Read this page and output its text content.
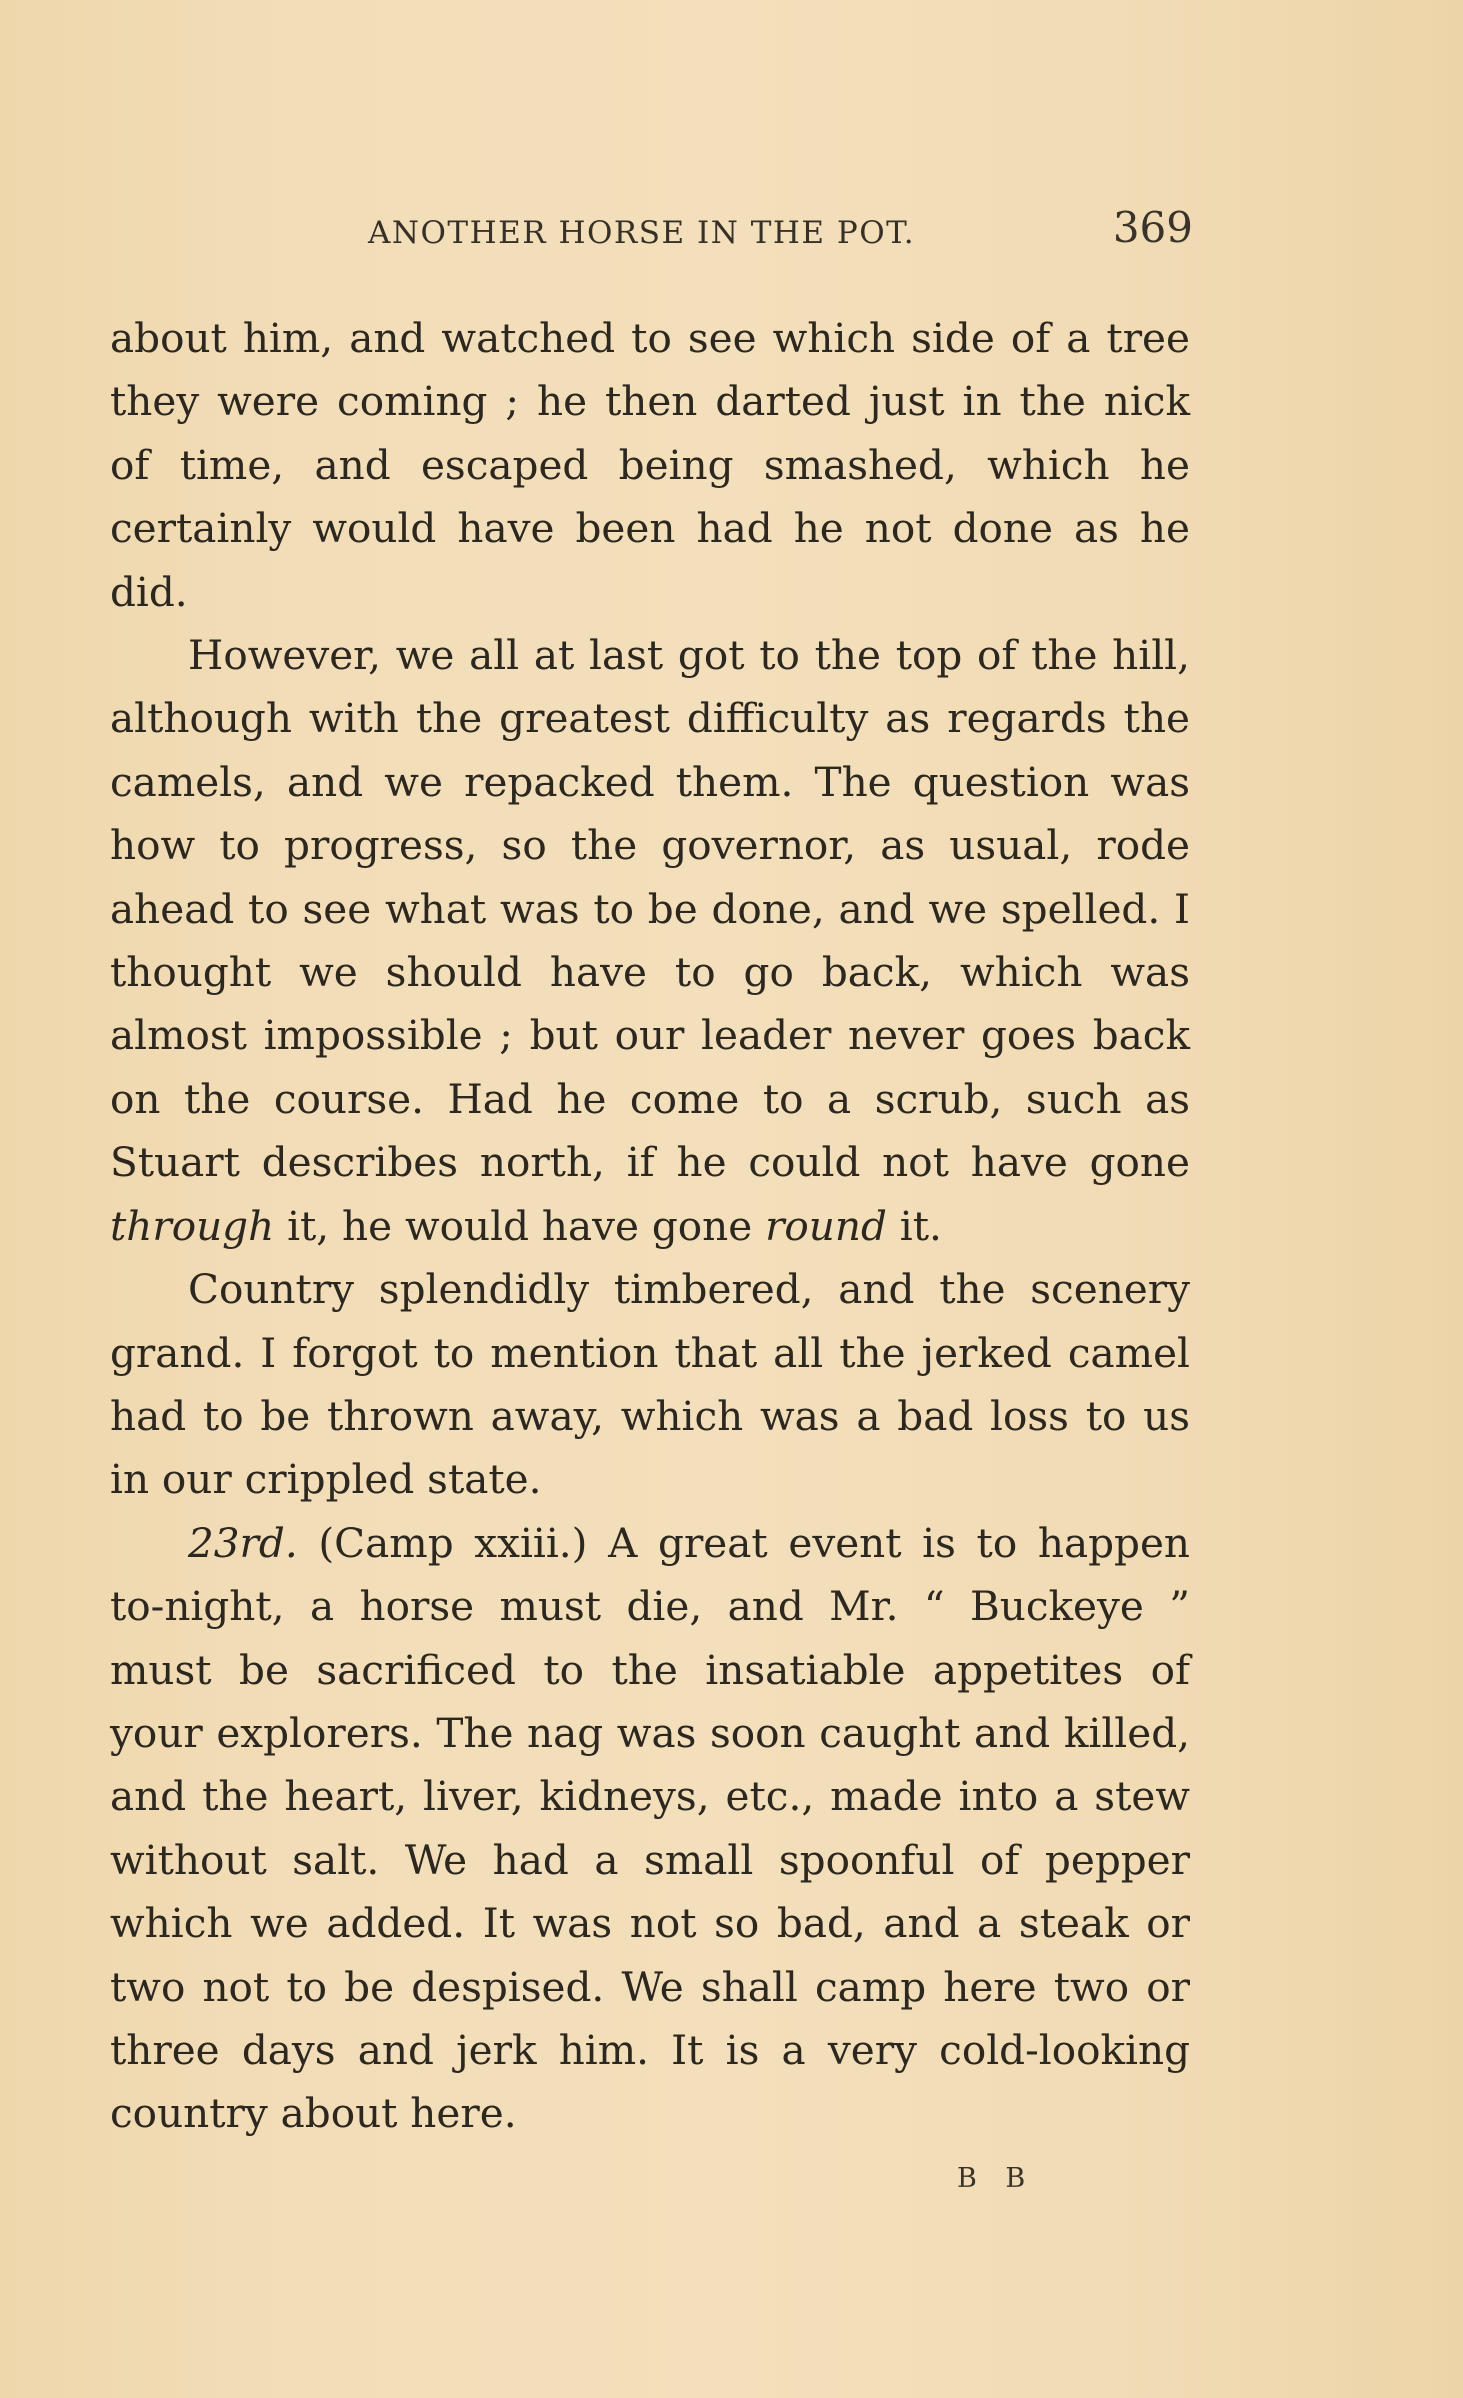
ANOTHER HORSE IN THE POT.	369

about him, and watched to see which side of a tree they were coming ; he then darted just in the nick of time, and escaped being smashed, which he certainly would have been had he not done as he did.

However, we all at last got to the top of the hill, although with the greatest difficulty as regards the camels, and we repacked them. The question was how to progress, so the governor, as usual, rode ahead to see what was to be done, and we spelled. I thought we should have to go back, which was almost impossible ; but our leader never goes back on the course. Had he come to a scrub, such as Stuart describes north, if he could not have gone through it, he would have gone round it.

Country splendidly timbered, and the scenery grand. I forgot to mention that all the jerked camel had to be thrown away, which was a bad loss to us in our crippled state.

23rd. (Camp xxiii.) A great event is to happen to-night, a horse must die, and Mr. “ Buckeye ” must be sacrificed to the insatiable appetites of your explorers. The nag was soon caught and killed, and the heart, liver, kidneys, etc., made into a stew without salt. We had a small spoonful of pepper which we added. It was not so bad, and a steak or two not to be despised. We shall camp here two or three days and jerk him. It is a very cold-looking country about here.

B B
